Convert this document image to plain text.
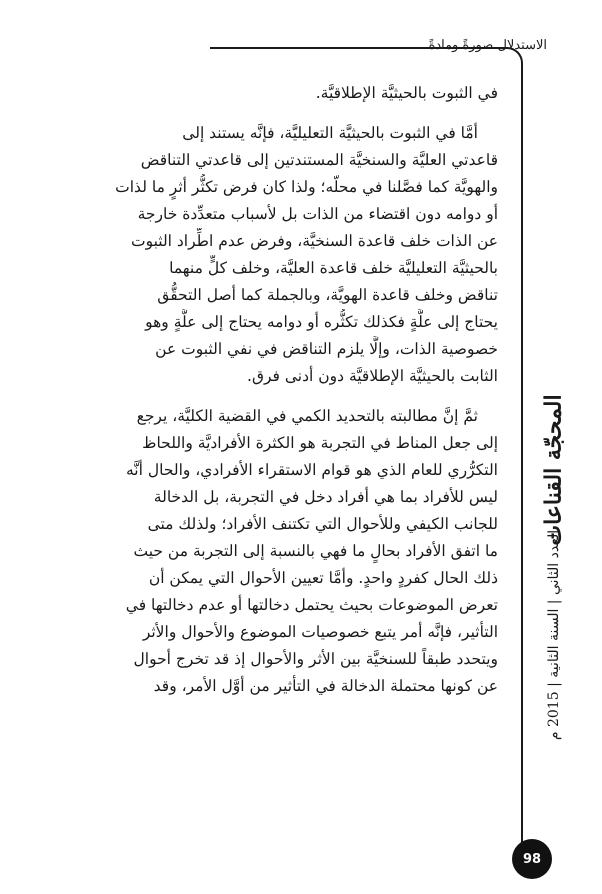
الاستدلال صورةً ومادةً
في الثبوت بالحيثيَّة الإطلاقيَّة.
أمَّا في الثبوت بالحيثيَّة التعليليَّة، فإنَّه يستند إلى
قاعدتي العليَّة والسنخيَّة المستندتين إلى قاعدتي التناقض
والهويَّة كما فصَّلنا في محلّه؛ ولذا كان فرض تكثُّر أثرٍ ما لذات
أو دوامه دون اقتضاء من الذات بل لأسباب متعدِّدة خارجة
عن الذات خلف قاعدة السنخيَّة، وفرض عدم اطِّراد الثبوت
بالحيثيَّة التعليليَّة خلف قاعدة العليَّة، وخلف كلٍّ منهما
تناقض وخلف قاعدة الهويَّة، وبالجملة كما أصل التحقُّق
يحتاج إلى علَّةٍ فكذلك تكثُّره أو دوامه يحتاج إلى علَّةٍ وهو
خصوصية الذات، وإلَّا يلزم التناقض في نفي الثبوت عن
الثابت بالحيثيَّة الإطلاقيَّة دون أدنى فرق.
ثمَّ إنَّ مطالبته بالتحديد الكمي في القضية الكليَّة، يرجع
إلى جعل المناط في التجربة هو الكثرة الأفراديَّة واللحاظ
التكرُّري للعام الذي هو قوام الاستقراء الأفرادي، والحال أنَّه
ليس للأفراد بما هي أفراد دخل في التجربة، بل الدخالة
للجانب الكيفي وللأحوال التي تكتنف الأفراد؛ ولذلك متى
ما اتفق الأفراد بحالٍ ما فهي بالنسبة إلى التجربة من حيث
ذلك الحال كفردٍ واحدٍ. وأمَّا تعيين الأحوال التي يمكن أن
تعرض الموضوعات بحيث يحتمل دخالتها أو عدم دخالتها في
التأثير، فإنَّه أمر يتبع خصوصيات الموضوع والأحوال والأثر
ويتحدد طبقاً للسنخيَّة بين الأثر والأحوال إذ قد تخرج أحوال
عن كونها محتملة الدخالة في التأثير من أوَّل الأمر، وقد
المحجّة القناعات
العدد الثاني | السنة الثانية | 2015 م
98
